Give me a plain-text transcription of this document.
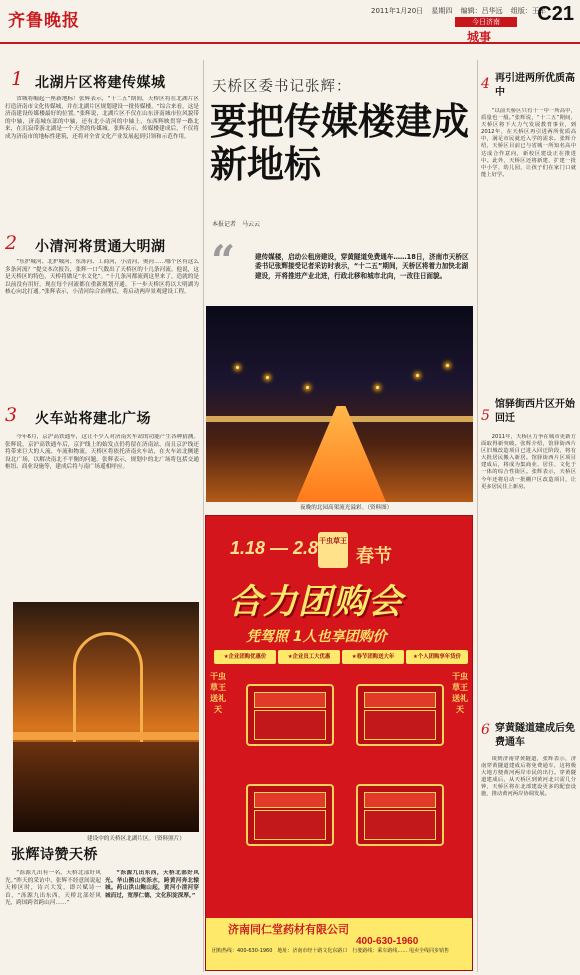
齐鲁晚报	2011年1月20日 星期四 编辑：吕华远 组版：王军
今日济南
城事
C21
1 北湖片区将建传媒城

省城将崛起一座新地标！张辉表示，“十二五”期间，天桥区将在北湖片区打造济南市文化传媒城，并在北湖片区规划建设一批传媒楼。“综合来看，这是济南建设传媒楼最好的位置。”张辉说，北湖片区不仅在山东济南城市位风貌带的中轴，济南城东部的中轴，还有北小清河的中轴上，东西辉映贯穿一路北来，在沉寂带游北湖是一个天然的传媒城。张辉表示，传媒楼建成后，不仅将成为济南市的地标性建筑，还将对全省文化产业发展起到引领和示范作用。

2 小清河将贯通大明湖

“东护城河、北护城河、东泺河、工商河，小清河，奥河……哪个区有这么多条河流？”提交本次报告，张辉一口气数出了天桥区的十几条河流。他说，这是天桥区的特色，天桥将做足“水文化”。“十几条河都流到这里来了，造就的是以前没有用好。现在每个河流都在重新规划开通。下一步天桥区将以大明湖为核心向北打通。”张辉表示，小清河综合治理后，将启动两岸景观建设工程。

3 火车站将建北广场

今年6月，京沪高铁通车，这让不少人对济南火车站的功能产生各种猜测。张辉说，京沪高铁通车后，京沪线上的始发点仍将留在济南站，而且京沪线还将带来巨大的人流、车流和物流。天桥区将依托济南火车站，在火车站北侧建设北广场，以解决南北不平衡的问题。张辉表示，规划中的北广场将包括交通枢纽、商业设施等，建成后将与南广场遥相呼应。

建设中的天桥区北湖片区。（资料照片）
张辉诗赞天桥

“泺源九出有一名，天桥北部好风光。”昨天的采访中，张辉不经意间说起天桥区时，诗兴大发，即兴赋诗一首，“泺源九出东西，天桥北部好风光，跨国跨省跨山河……”

“泺源九出东西，天桥北部好风光。华山鹊山夹泺水，跨黄河奔北辕城。药山洪山鲍山起，黄河小清河穿城而过，宽厚仁德，文化积淀深厚。”

天桥区委书记张辉：
要把传媒楼建成新地标
本报记者　马云云
“	建传媒楼，启动公租房建设，穿黄隧道免费通车……18日，济南市天桥区委书记张辉接受记者采访时表示，“十二五”期间，天桥区将着力加快北湖建设，开将推进产业北进，行政北移和城市北向，一改往日面貌。
夜晚的北园高架流光溢彩。（资料图）
1.18 — 2.8 干虫草王
春节
合力团购会
凭驾照 1人也享团购价
★企业团购优惠价	★企业员工大优惠	★春节团购送大年	★个人团购享年货价
干虫草王送礼天
干虫草王送礼天
济南同仁堂药材有限公司
400-630-1960
团购热线：400-630-1960　地址：济南市经十路文化东路口　行驶路线：乘车路线…… 甩卖全线同步销售
4 再引进两所优质高中

“以前天桥区只有十一中一所高中，质量也一般。”张辉说，“十二五”期间，天桥区将下大力气发展教育事业，到2012年，在天桥区再引进两所优质高中，满足市民就近入学的需求。张辉介绍，天桥区目前已与省城一所知名高中达成合作意向，新校区建设正在推进中。此外，天桥区还将新建、扩建一批中小学、幼儿园，让孩子们在家门口就能上好学。

5
馆驿街西片区开始回迁

2011年，天桥区力争在城市更新方面取得新突破。张辉介绍，馆驿街西片区旧城改造项目已进入回迁阶段，将有大批居民搬入新居。馆驿街西片区项目建成后，将成为集商业、居住、文化于一体的综合性街区。张辉表示，天桥区今年还将启动一批棚户区改造项目，让更多居民住上新房。

6 穿黄隧道建成后免费通车

谈到济南穿黄隧道，张辉表示，济南穿黄隧道建成后将免费通车，这将极大地方便黄河两岸市民的出行。穿黄隧道建成后，从天桥区到黄河北只需几分钟，天桥区将在北部建设更多的配套设施，推动黄河两岸协调发展。
